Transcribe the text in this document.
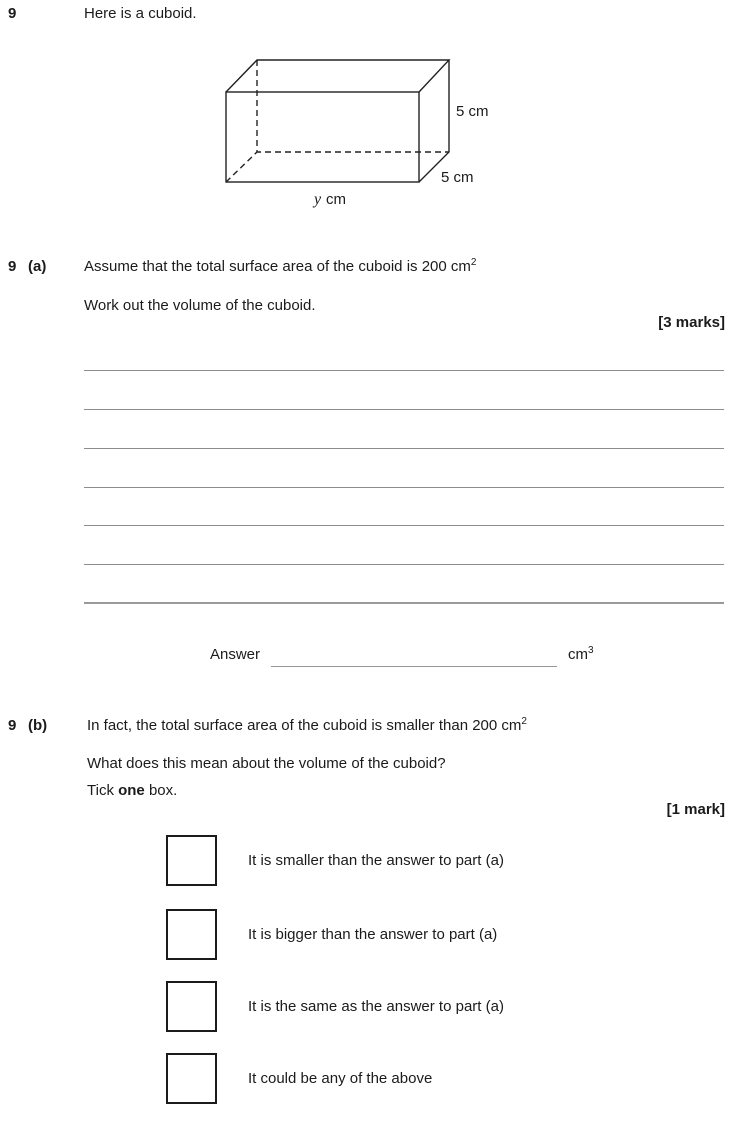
9	Here is a cuboid.
5 cm
5 cm
y cm
9 (a)	Assume that the total surface area of the cuboid is 200 $cm^2$
Work out the volume of the cuboid.
[3 marks]
Answer	$cm^3$
9 (b)	In fact, the total surface area of the cuboid is smaller than 200 $cm^2$
What does this mean about the volume of the cuboid?
Tick one box.
[1 mark]
It is smaller than the answer to part (a)
It is bigger than the answer to part (a)
It is the same as the answer to part (a)
It could be any of the above
